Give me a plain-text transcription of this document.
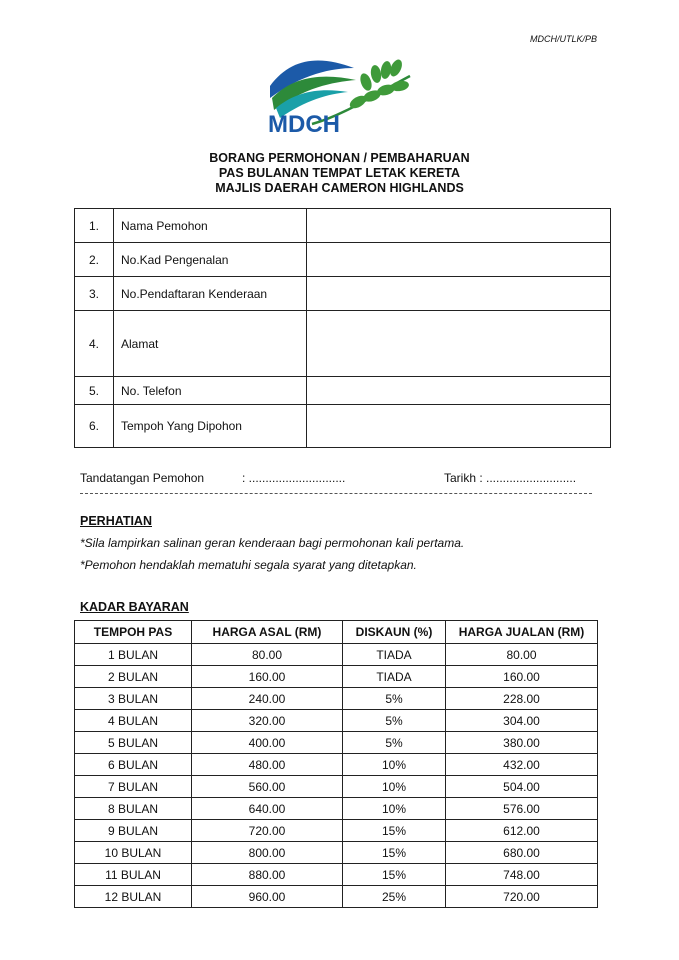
MDCH/UTLK/PB
MDCH
BORANG PERMOHONAN / PEMBAHARUAN
PAS BULANAN TEMPAT LETAK KERETA
MAJLIS DAERAH CAMERON HIGHLANDS
1.	Nama Pemohon	
2.	No.Kad Pengenalan	
3.	No.Pendaftaran Kenderaan	
4.	Alamat	
5.	No. Telefon	
6.	Tempoh Yang Dipohon	
Tandatangan Pemohon	: .............................	Tarikh : ...........................
PERHATIAN
*Sila lampirkan salinan geran kenderaan bagi permohonan kali pertama.
*Pemohon hendaklah mematuhi segala syarat yang ditetapkan.
KADAR BAYARAN
TEMPOH PAS	HARGA ASAL (RM)	DISKAUN (%)	HARGA JUALAN (RM)
1 BULAN	80.00	TIADA	80.00
2 BULAN	160.00	TIADA	160.00
3 BULAN	240.00	5%	228.00
4 BULAN	320.00	5%	304.00
5 BULAN	400.00	5%	380.00
6 BULAN	480.00	10%	432.00
7 BULAN	560.00	10%	504.00
8 BULAN	640.00	10%	576.00
9 BULAN	720.00	15%	612.00
10 BULAN	800.00	15%	680.00
11 BULAN	880.00	15%	748.00
12 BULAN	960.00	25%	720.00
